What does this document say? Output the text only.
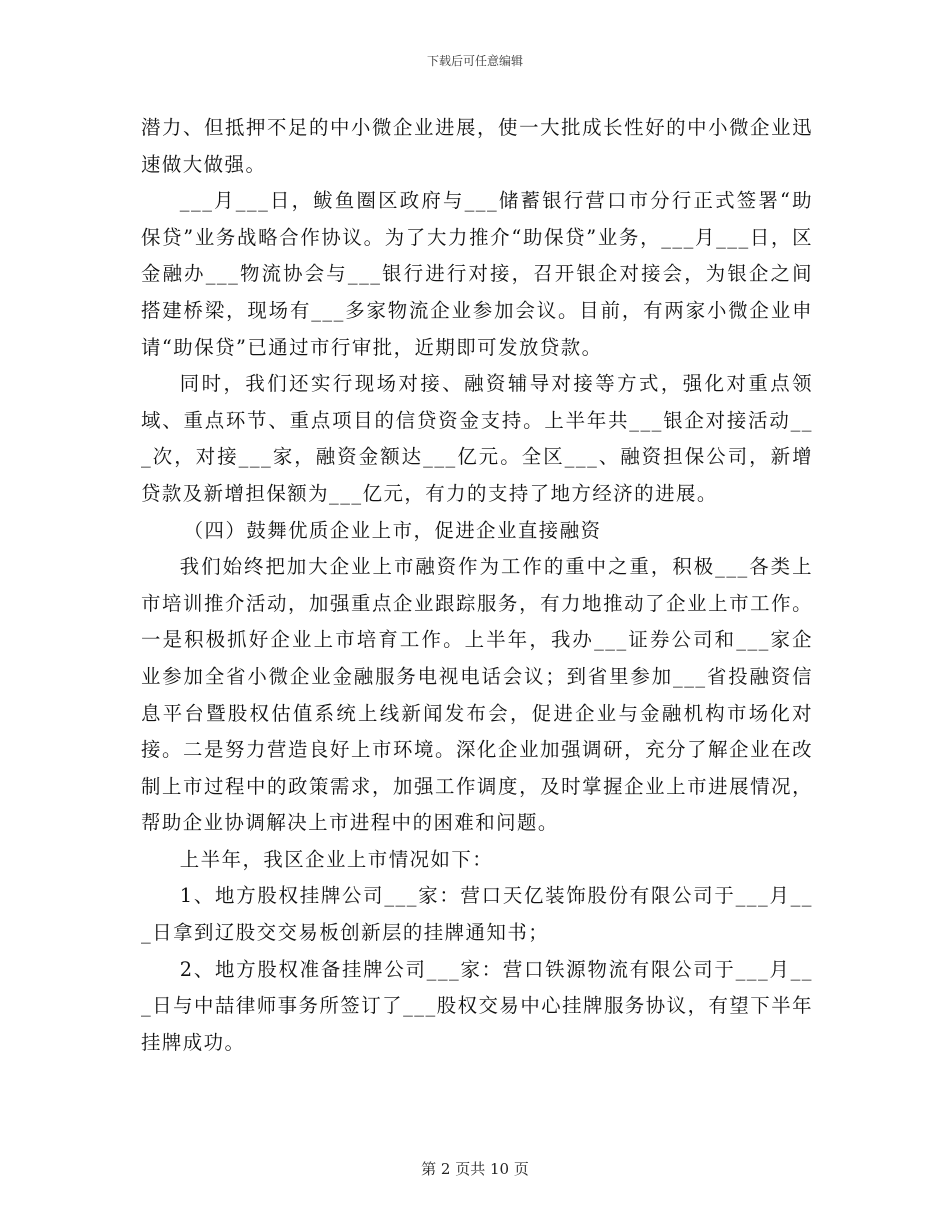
下载后可任意编辑

潜力、但抵押不足的中小微企业进展，使一大批成长性好的中小微企业迅速做大做强。

___月___日，鲅鱼圈区政府与___储蓄银行营口市分行正式签署“助保贷”业务战略合作协议。为了大力推介“助保贷”业务，___月___日，区金融办___物流协会与___银行进行对接，召开银企对接会，为银企之间搭建桥梁，现场有___多家物流企业参加会议。目前，有两家小微企业申请“助保贷”已通过市行审批，近期即可发放贷款。

同时，我们还实行现场对接、融资辅导对接等方式，强化对重点领域、重点环节、重点项目的信贷资金支持。上半年共___银企对接活动___次，对接___家，融资金额达___亿元。全区___、融资担保公司，新增贷款及新增担保额为___亿元，有力的支持了地方经济的进展。

（四）鼓舞优质企业上市，促进企业直接融资

我们始终把加大企业上市融资作为工作的重中之重，积极___各类上市培训推介活动，加强重点企业跟踪服务，有力地推动了企业上市工作。一是积极抓好企业上市培育工作。上半年，我办___证券公司和___家企业参加全省小微企业金融服务电视电话会议；到省里参加___省投融资信息平台暨股权估值系统上线新闻发布会，促进企业与金融机构市场化对接。二是努力营造良好上市环境。深化企业加强调研，充分了解企业在改制上市过程中的政策需求，加强工作调度，及时掌握企业上市进展情况，帮助企业协调解决上市进程中的困难和问题。

上半年，我区企业上市情况如下：

1、地方股权挂牌公司___家：营口天亿装饰股份有限公司于___月___日拿到辽股交交易板创新层的挂牌通知书；

2、地方股权准备挂牌公司___家：营口铁源物流有限公司于___月___日与中喆律师事务所签订了___股权交易中心挂牌服务协议，有望下半年挂牌成功。

第 2 页共 10 页
